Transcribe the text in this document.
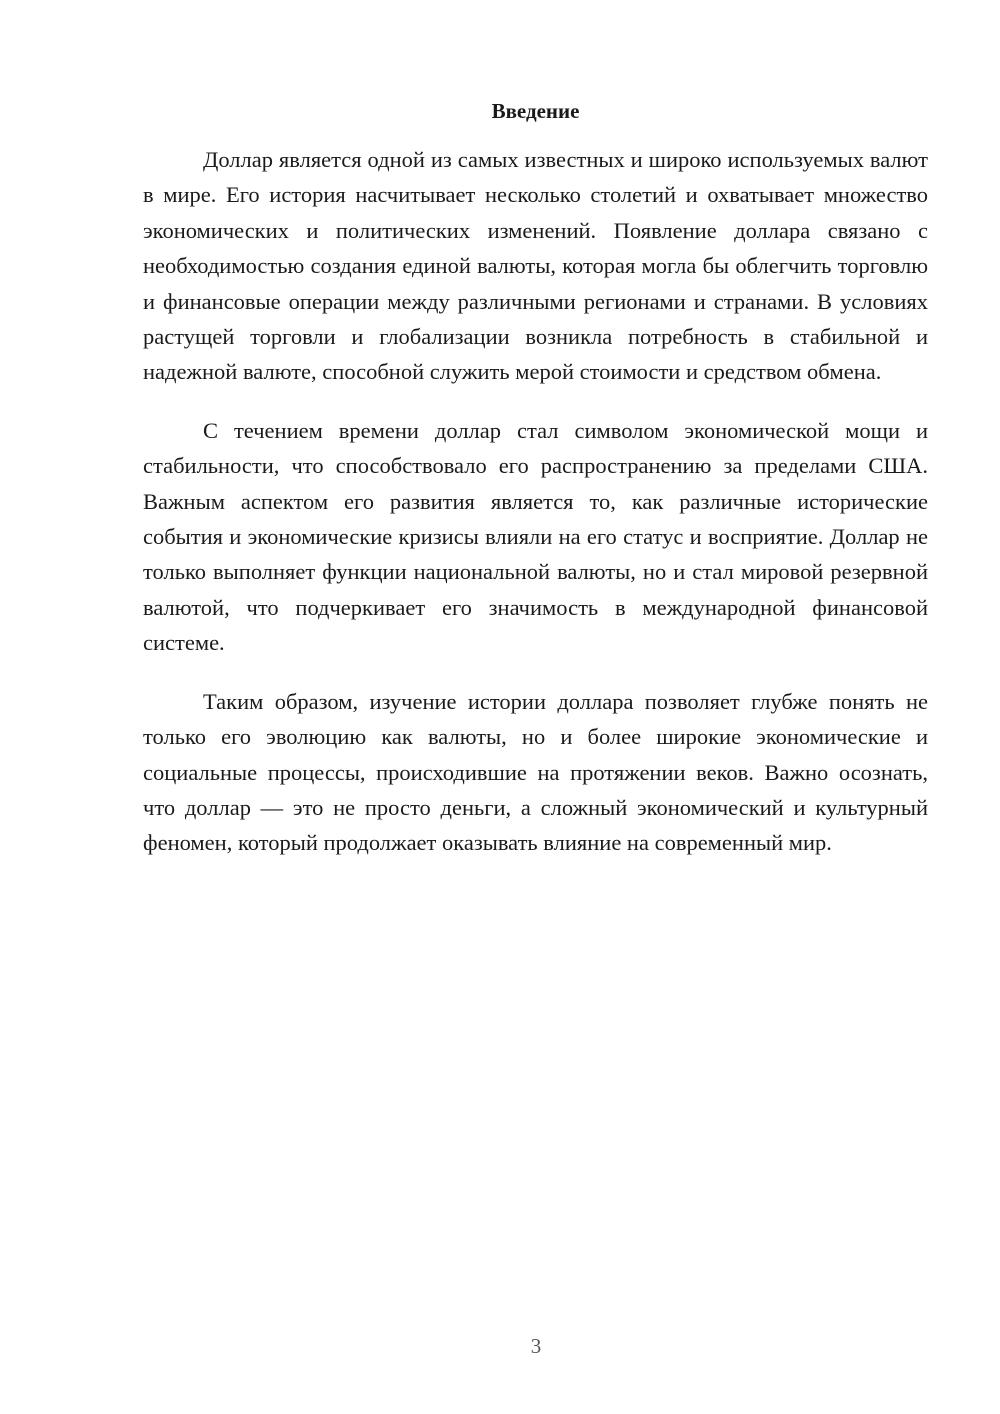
Введение

Доллар является одной из самых известных и широко используемых валют в мире. Его история насчитывает несколько столетий и охватывает множество экономических и политических изменений. Появление доллара связано с необходимостью создания единой валюты, которая могла бы облегчить торговлю и финансовые операции между различными регионами и странами. В условиях растущей торговли и глобализации возникла потребность в стабильной и надежной валюте, способной служить мерой стоимости и средством обмена.

С течением времени доллар стал символом экономической мощи и стабильности, что способствовало его распространению за пределами США. Важным аспектом его развития является то, как различные исторические события и экономические кризисы влияли на его статус и восприятие. Доллар не только выполняет функции национальной валюты, но и стал мировой резервной валютой, что подчеркивает его значимость в международной финансовой системе.

Таким образом, изучение истории доллара позволяет глубже понять не только его эволюцию как валюты, но и более широкие экономические и социальные процессы, происходившие на протяжении веков. Важно осознать, что доллар — это не просто деньги, а сложный экономический и культурный феномен, который продолжает оказывать влияние на современный мир.

3
